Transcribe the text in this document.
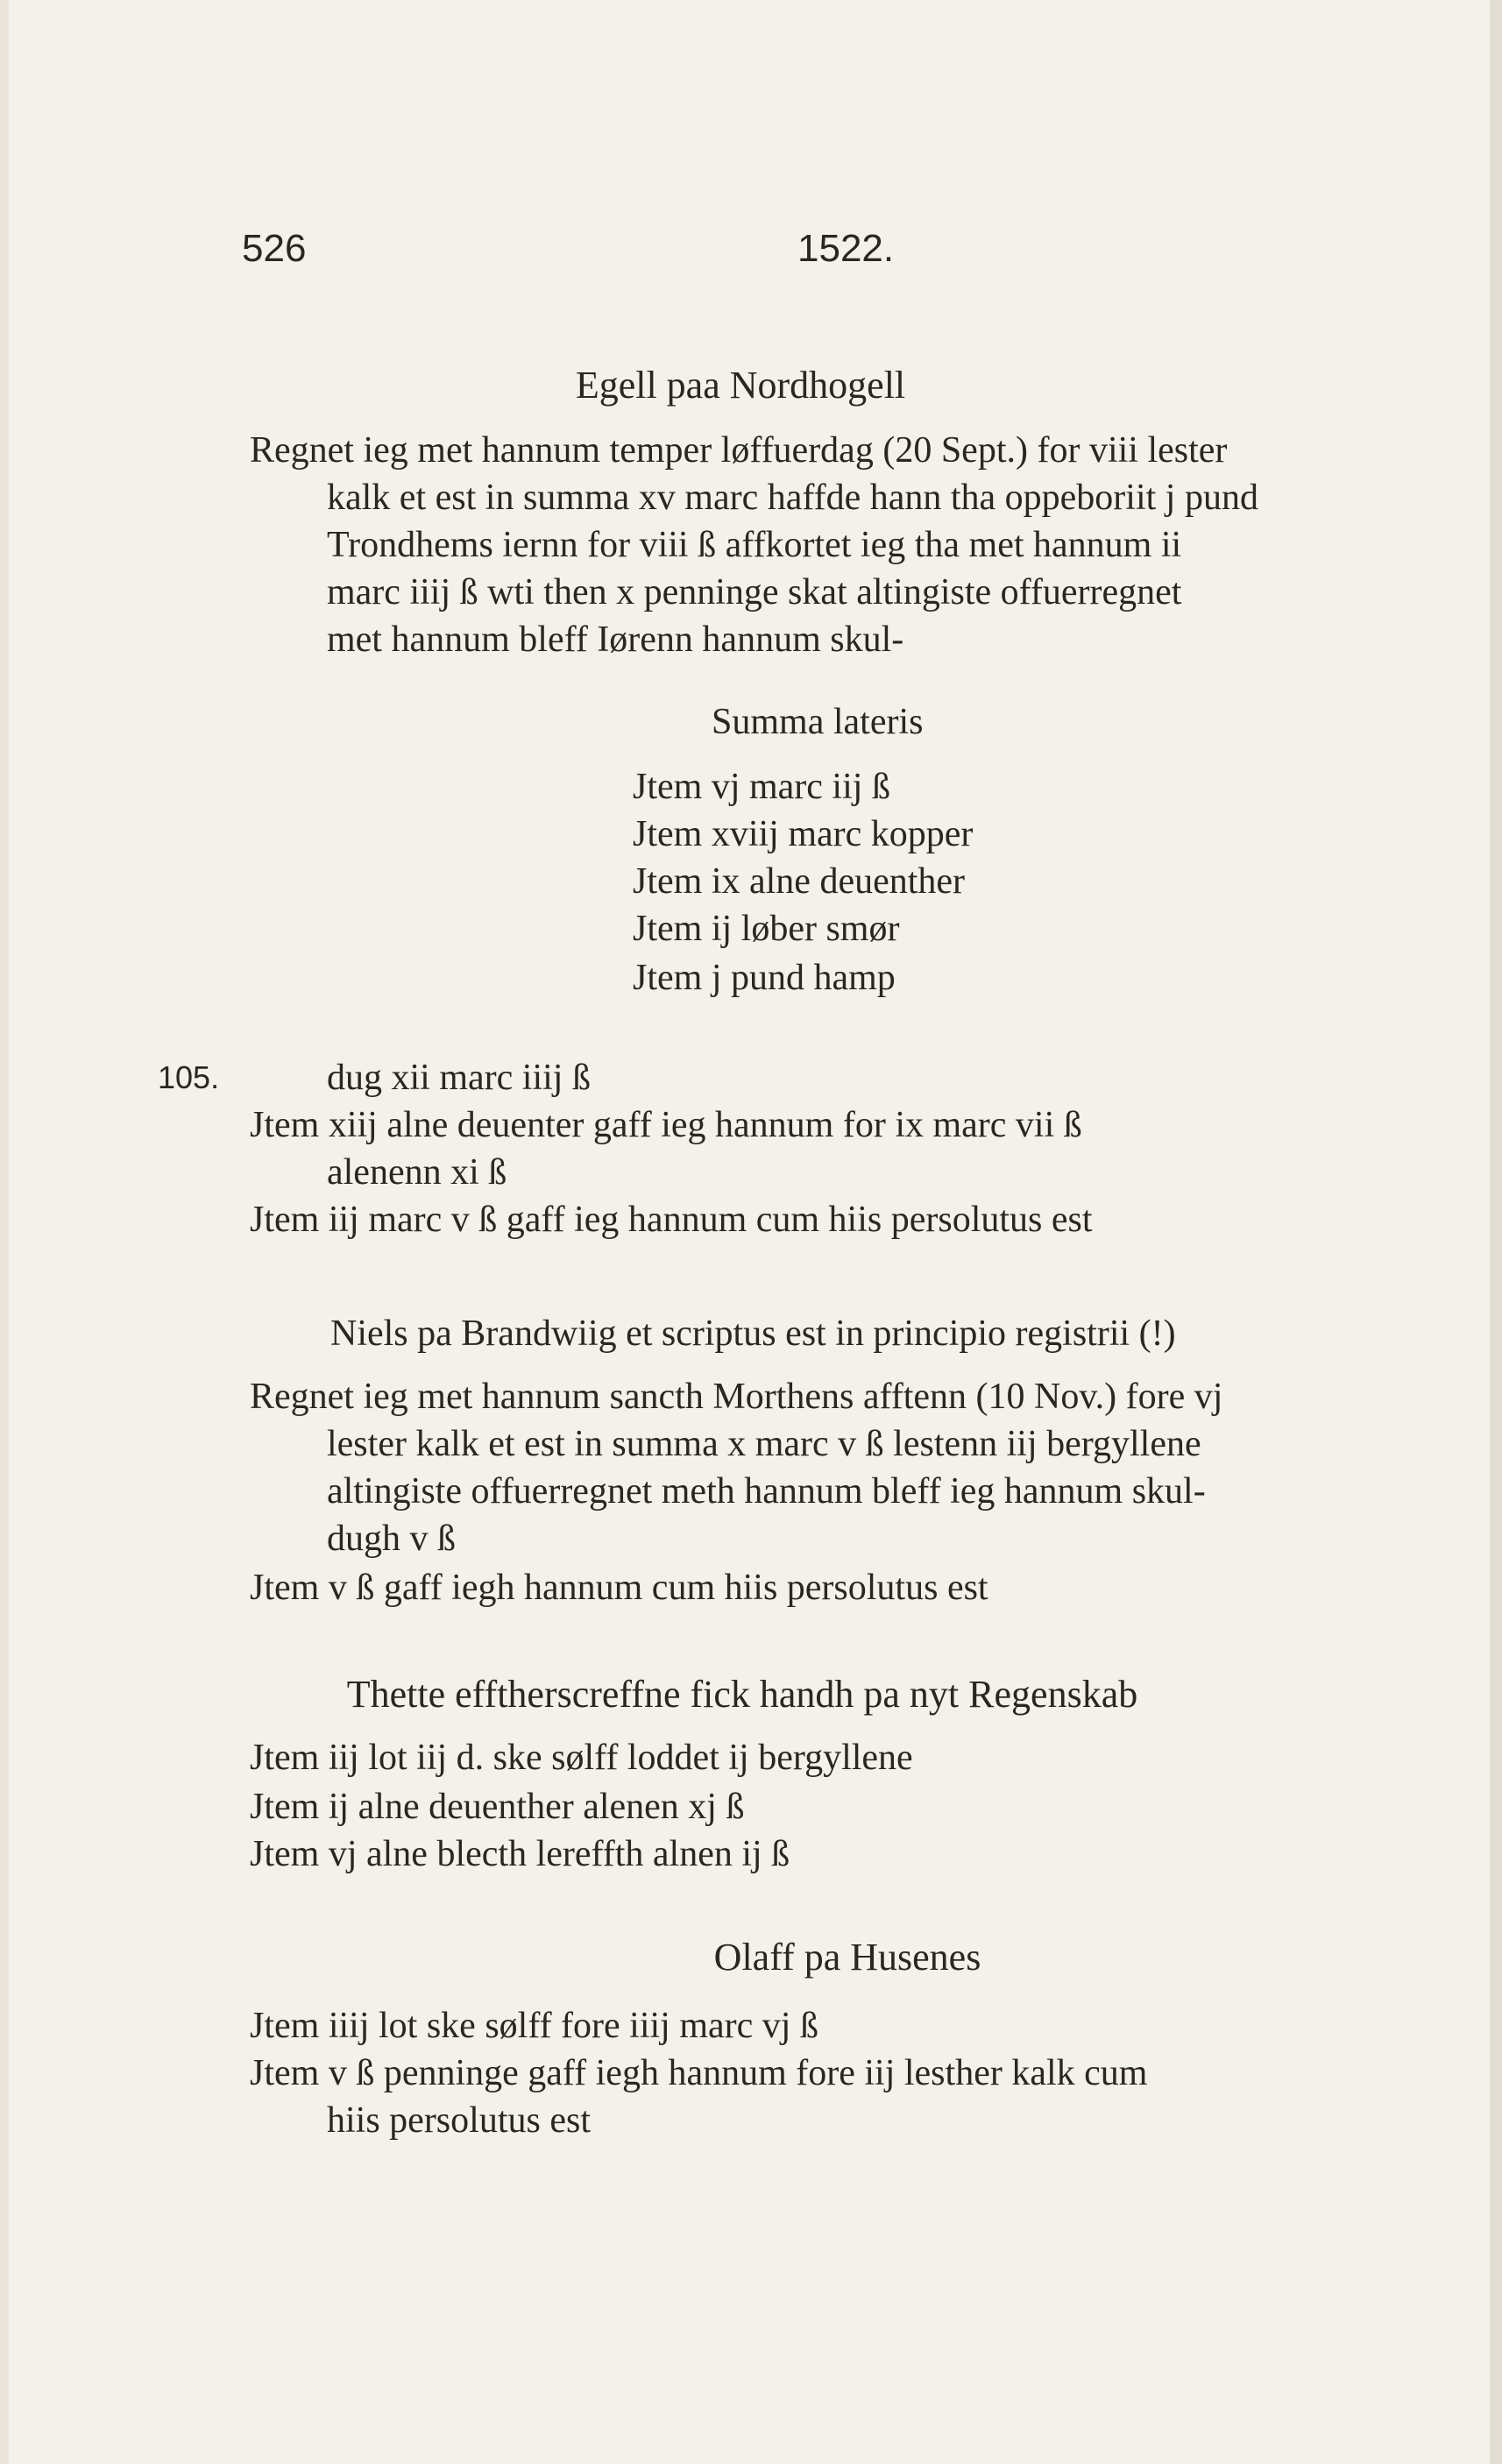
526	1522.
Egell paa Nordhogell
Regnet ieg met hannum temper løffuerdag (20 Sept.) for viii lester
kalk et est in summa xv marc haffde hann tha oppeboriit j pund
Trondhems iernn for viii ß affkortet ieg tha met hannum ii
marc iiij ß wti then x penninge skat altingiste offuerregnet
met hannum bleff Iørenn hannum skul-
Summa lateris
Jtem vj marc iij ß
Jtem xviij marc kopper
Jtem ix alne deuenther
Jtem ij løber smør
Jtem j pund hamp
105.	dug xii marc iiij ß
Jtem xiij alne deuenter gaff ieg hannum for ix marc vii ß
alenenn xi ß
Jtem iij marc v ß gaff ieg hannum cum hiis persolutus est
Niels pa Brandwiig et scriptus est in principio registrii (!)
Regnet ieg met hannum sancth Morthens afftenn (10 Nov.) fore vj
lester kalk et est in summa x marc v ß lestenn iij bergyllene
altingiste offuerregnet meth hannum bleff ieg hannum skul-
dugh v ß
Jtem v ß gaff iegh hannum cum hiis persolutus est
Thette efftherscreffne fick handh pa nyt Regenskab
Jtem iij lot iij d. ske sølff loddet ij bergyllene
Jtem ij alne deuenther alenen xj ß
Jtem vj alne blecth lereffth alnen ij ß
Olaff pa Husenes
Jtem iiij lot ske sølff fore iiij marc vj ß
Jtem v ß penninge gaff iegh hannum fore iij lesther kalk cum
hiis persolutus est
